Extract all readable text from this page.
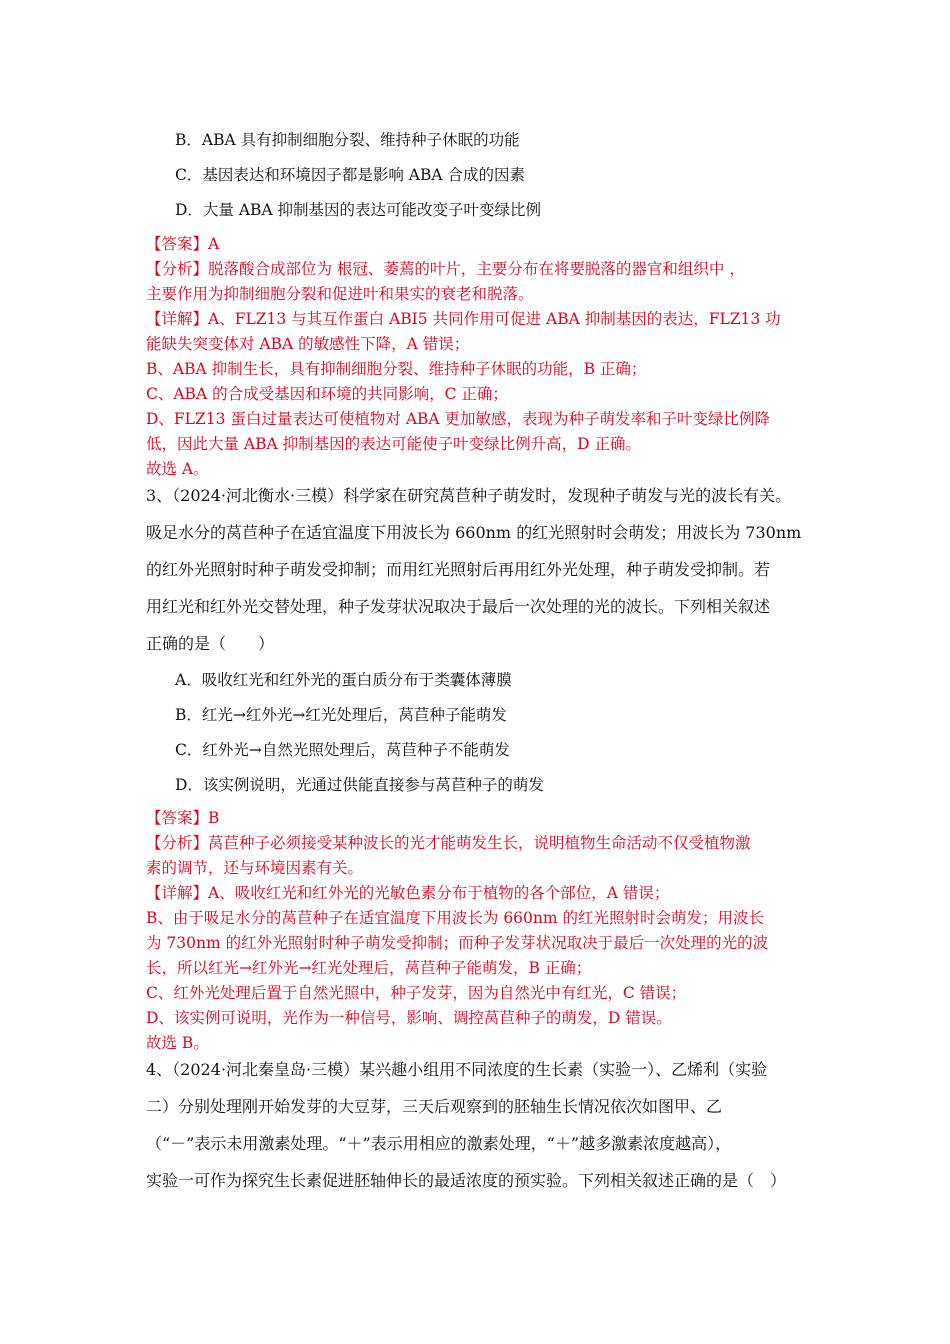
B．ABA 具有抑制细胞分裂、维持种子休眠的功能
C．基因表达和环境因子都是影响 ABA 合成的因素
D．大量 ABA 抑制基因的表达可能改变子叶变绿比例
【答案】A
【分析】脱落酸合成部位为 根冠、萎蔫的叶片，主要分布在将要脱落的器官和组织中 ，
主要作用为抑制细胞分裂和促进叶和果实的衰老和脱落。
【详解】A、FLZ13 与其互作蛋白 ABI5 共同作用可促进 ABA 抑制基因的表达，FLZ13 功
能缺失突变体对 ABA 的敏感性下降，A 错误；
B、ABA 抑制生长，具有抑制细胞分裂、维持种子休眠的功能，B 正确；
C、ABA 的合成受基因和环境的共同影响，C 正确；
D、FLZ13 蛋白过量表达可使植物对 ABA 更加敏感，表现为种子萌发率和子叶变绿比例降
低，因此大量 ABA 抑制基因的表达可能使子叶变绿比例升高，D 正确。
故选 A。
3、（2024·河北衡水·三模）科学家在研究莴苣种子萌发时，发现种子萌发与光的波长有关。
吸足水分的莴苣种子在适宜温度下用波长为 660nm 的红光照射时会萌发；用波长为 730nm
的红外光照射时种子萌发受抑制；而用红光照射后再用红外光处理，种子萌发受抑制。若
用红光和红外光交替处理，种子发芽状况取决于最后一次处理的光的波长。下列相关叙述
正确的是（　　）
A．吸收红光和红外光的蛋白质分布于类囊体薄膜
B．红光→红外光→红光处理后，莴苣种子能萌发
C．红外光→自然光照处理后，莴苣种子不能萌发
D．该实例说明，光通过供能直接参与莴苣种子的萌发
【答案】B
【分析】莴苣种子必须接受某种波长的光才能萌发生长，说明植物生命活动不仅受植物激
素的调节，还与环境因素有关。
【详解】A、吸收红光和红外光的光敏色素分布于植物的各个部位，A 错误；
B、由于吸足水分的莴苣种子在适宜温度下用波长为 660nm 的红光照射时会萌发；用波长
为 730nm 的红外光照射时种子萌发受抑制；而种子发芽状况取决于最后一次处理的光的波
长，所以红光→红外光→红光处理后，莴苣种子能萌发，B 正确；
C、红外光处理后置于自然光照中，种子发芽，因为自然光中有红光，C 错误；
D、该实例可说明，光作为一种信号，影响、调控莴苣种子的萌发，D 错误。
故选 B。
4、（2024·河北秦皇岛·三模）某兴趣小组用不同浓度的生长素（实验一）、乙烯利（实验
二）分别处理刚开始发芽的大豆芽，三天后观察到的胚轴生长情况依次如图甲、乙
（“－”表示未用激素处理。“＋”表示用相应的激素处理，“＋”越多激素浓度越高），
实验一可作为探究生长素促进胚轴伸长的最适浓度的预实验。下列相关叙述正确的是（　）
